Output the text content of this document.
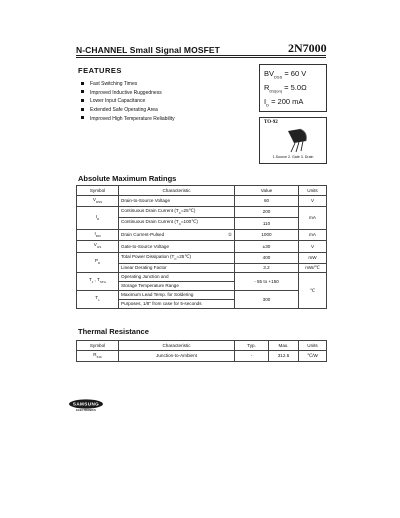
N-CHANNEL Small Signal MOSFET	2N7000
FEATURES
Fast Switching Times
Improved Inductive Ruggedness
Lower Input Capacitance
Extended Safe Operating Area
Improved High Temperature Reliability
$BV_{DSS} = 60$ V
$R_{DS(on)} = 5.0\Omega$
$I_D = 200$ mA
TO-92
1.Source 2. Gate 3. Drain
Absolute Maximum Ratings
Symbol	Characteristic	Value	Units
$V_{DSS}$	Drain-to-Source Voltage	60	V
$I_D$	Continuous Drain Current $(T_C=25℃)$	200	mA
	Continuous Drain Current $(T_C=100℃)$	110	
$I_{DM}$	Drain Current-Pulsed ①	1000	mA
$V_{GS}$	Gate-to-Source Voltage	±30	V
$P_D$	Total Power Dissipation $(T_C=25℃)$	400	mW
	Linear Derating Factor	3.2	mW/℃
$T_J$ , $T_{STG}$	Operating Junction and	- 55 to +150	℃
	Storage Temperature Range		
$T_L$	Maximum Lead Temp. for Soldering	300	
	Purposes, 1/8" from case for 5-seconds		
Thermal Resistance
Symbol	Characteristic	Typ.	Max.	Units
$R_{\theta JA}$	Junction-to-Ambient	-	312.5	℃/W
SAMSUNG
ELECTRONICS
